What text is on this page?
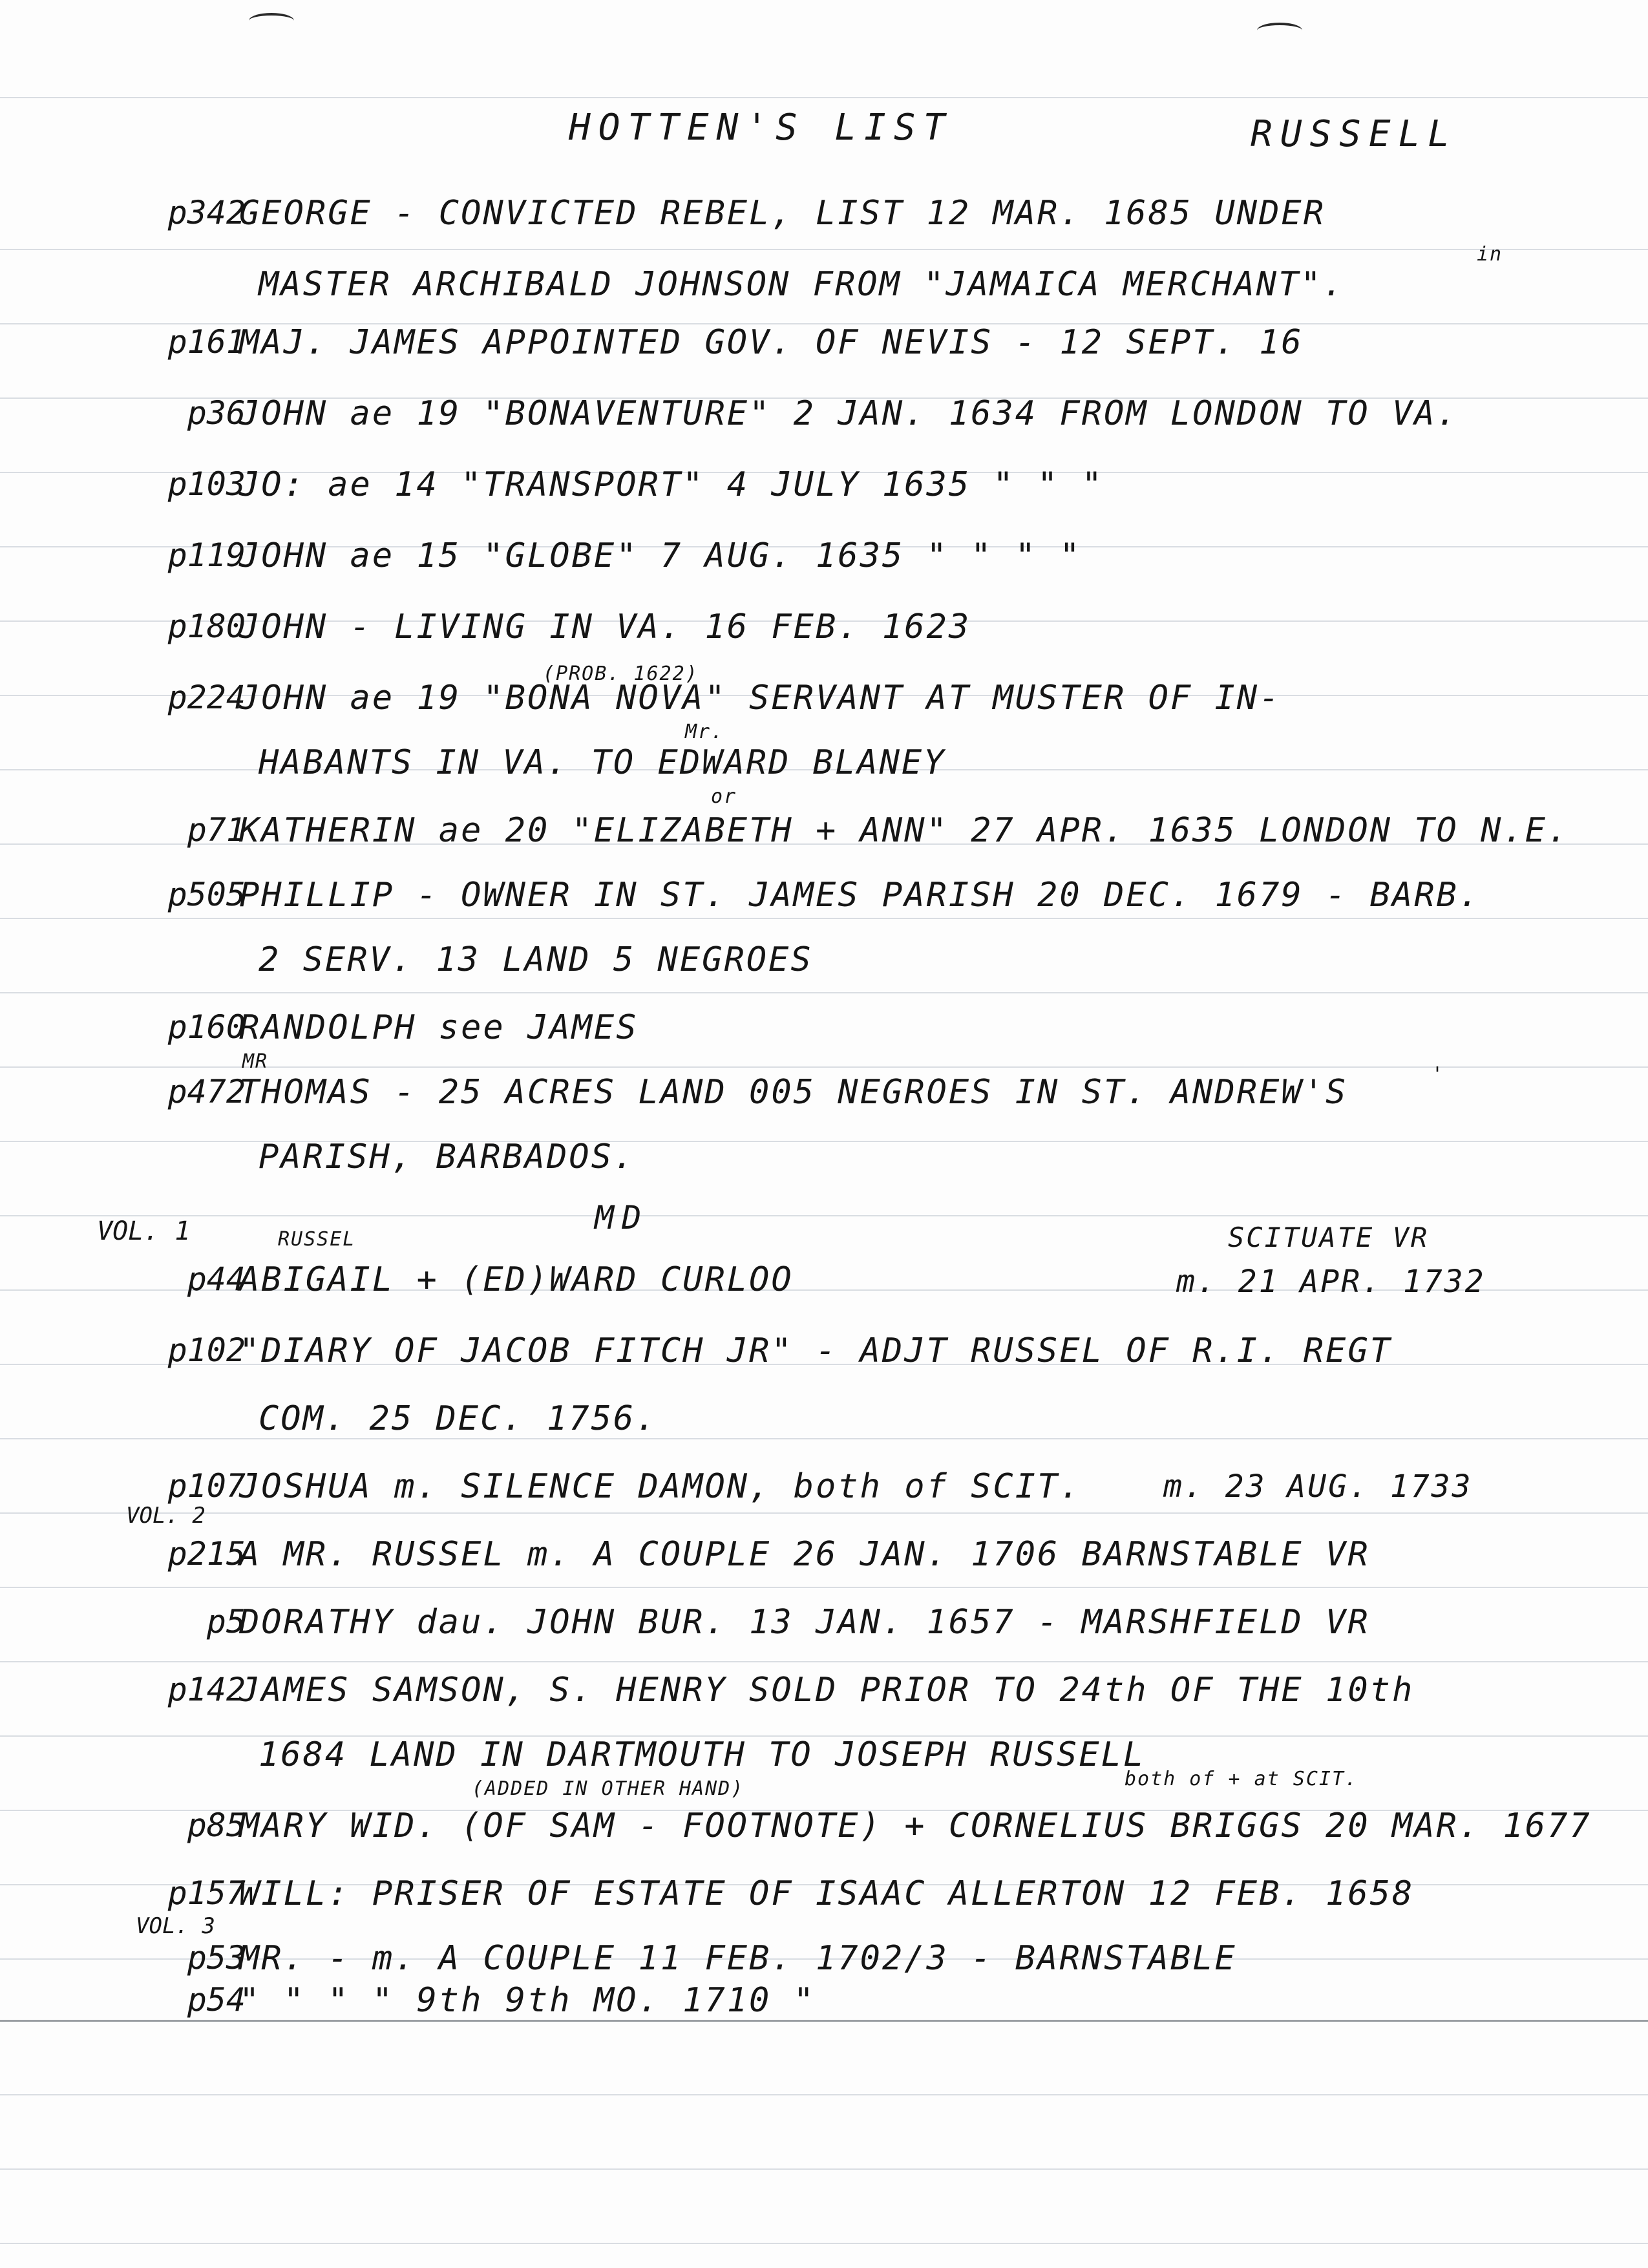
HOTTEN'S LIST	RUSSELL
p342
GEORGE - CONVICTED REBEL, LIST 12 MAR. 1685 UNDER
in
MASTER ARCHIBALD JOHNSON FROM "JAMAICA MERCHANT".
p161
MAJ. JAMES APPOINTED GOV. OF NEVIS - 12 SEPT. 16
p36
JOHN ae 19 "BONAVENTURE" 2 JAN. 1634 FROM LONDON TO VA.
p103
JO: ae 14 "TRANSPORT" 4 JULY 1635 " " "
p119
JOHN ae 15 "GLOBE" 7 AUG. 1635 " " " "
p180
JOHN - LIVING IN VA. 16 FEB. 1623
(PROB. 1622)
p224
JOHN ae 19 "BONA NOVA" SERVANT AT MUSTER OF IN-
Mr.
HABANTS IN VA. TO EDWARD BLANEY
or
p71
KATHERIN ae 20 "ELIZABETH + ANN" 27 APR. 1635 LONDON TO N.E.
p505
PHILLIP - OWNER IN ST. JAMES PARISH 20 DEC. 1679 - BARB.
2 SERV. 13 LAND 5 NEGROES
p160
RANDOLPH see JAMES
MR
p472
THOMAS - 25 ACRES LAND 005 NEGROES IN ST. ANDREW'S	'
PARISH, BARBADOS.
MD
VOL. 1	RUSSEL	SCITUATE VR
p44
ABIGAIL + (ED)WARD CURLOO	m. 21 APR. 1732
p102
"DIARY OF JACOB FITCH JR" - ADJT RUSSEL OF R.I. REGT
COM. 25 DEC. 1756.
p107
JOSHUA m. SILENCE DAMON, both of SCIT.	m. 23 AUG. 1733
VOL. 2
p215
A MR. RUSSEL m. A COUPLE 26 JAN. 1706 BARNSTABLE VR
p5
DORATHY dau. JOHN BUR. 13 JAN. 1657 - MARSHFIELD VR
p142
JAMES SAMSON, S. HENRY SOLD PRIOR TO 24th OF THE 10th
1684 LAND IN DARTMOUTH TO JOSEPH RUSSELL
(ADDED IN OTHER HAND)	both of + at SCIT.
p85
MARY WID. (OF SAM - FOOTNOTE) + CORNELIUS BRIGGS 20 MAR. 1677
p157
WILL: PRISER OF ESTATE OF ISAAC ALLERTON 12 FEB. 1658
VOL. 3
p53
MR. - m. A COUPLE 11 FEB. 1702/3 - BARNSTABLE
p54
" " " " 9th 9th MO. 1710 "
